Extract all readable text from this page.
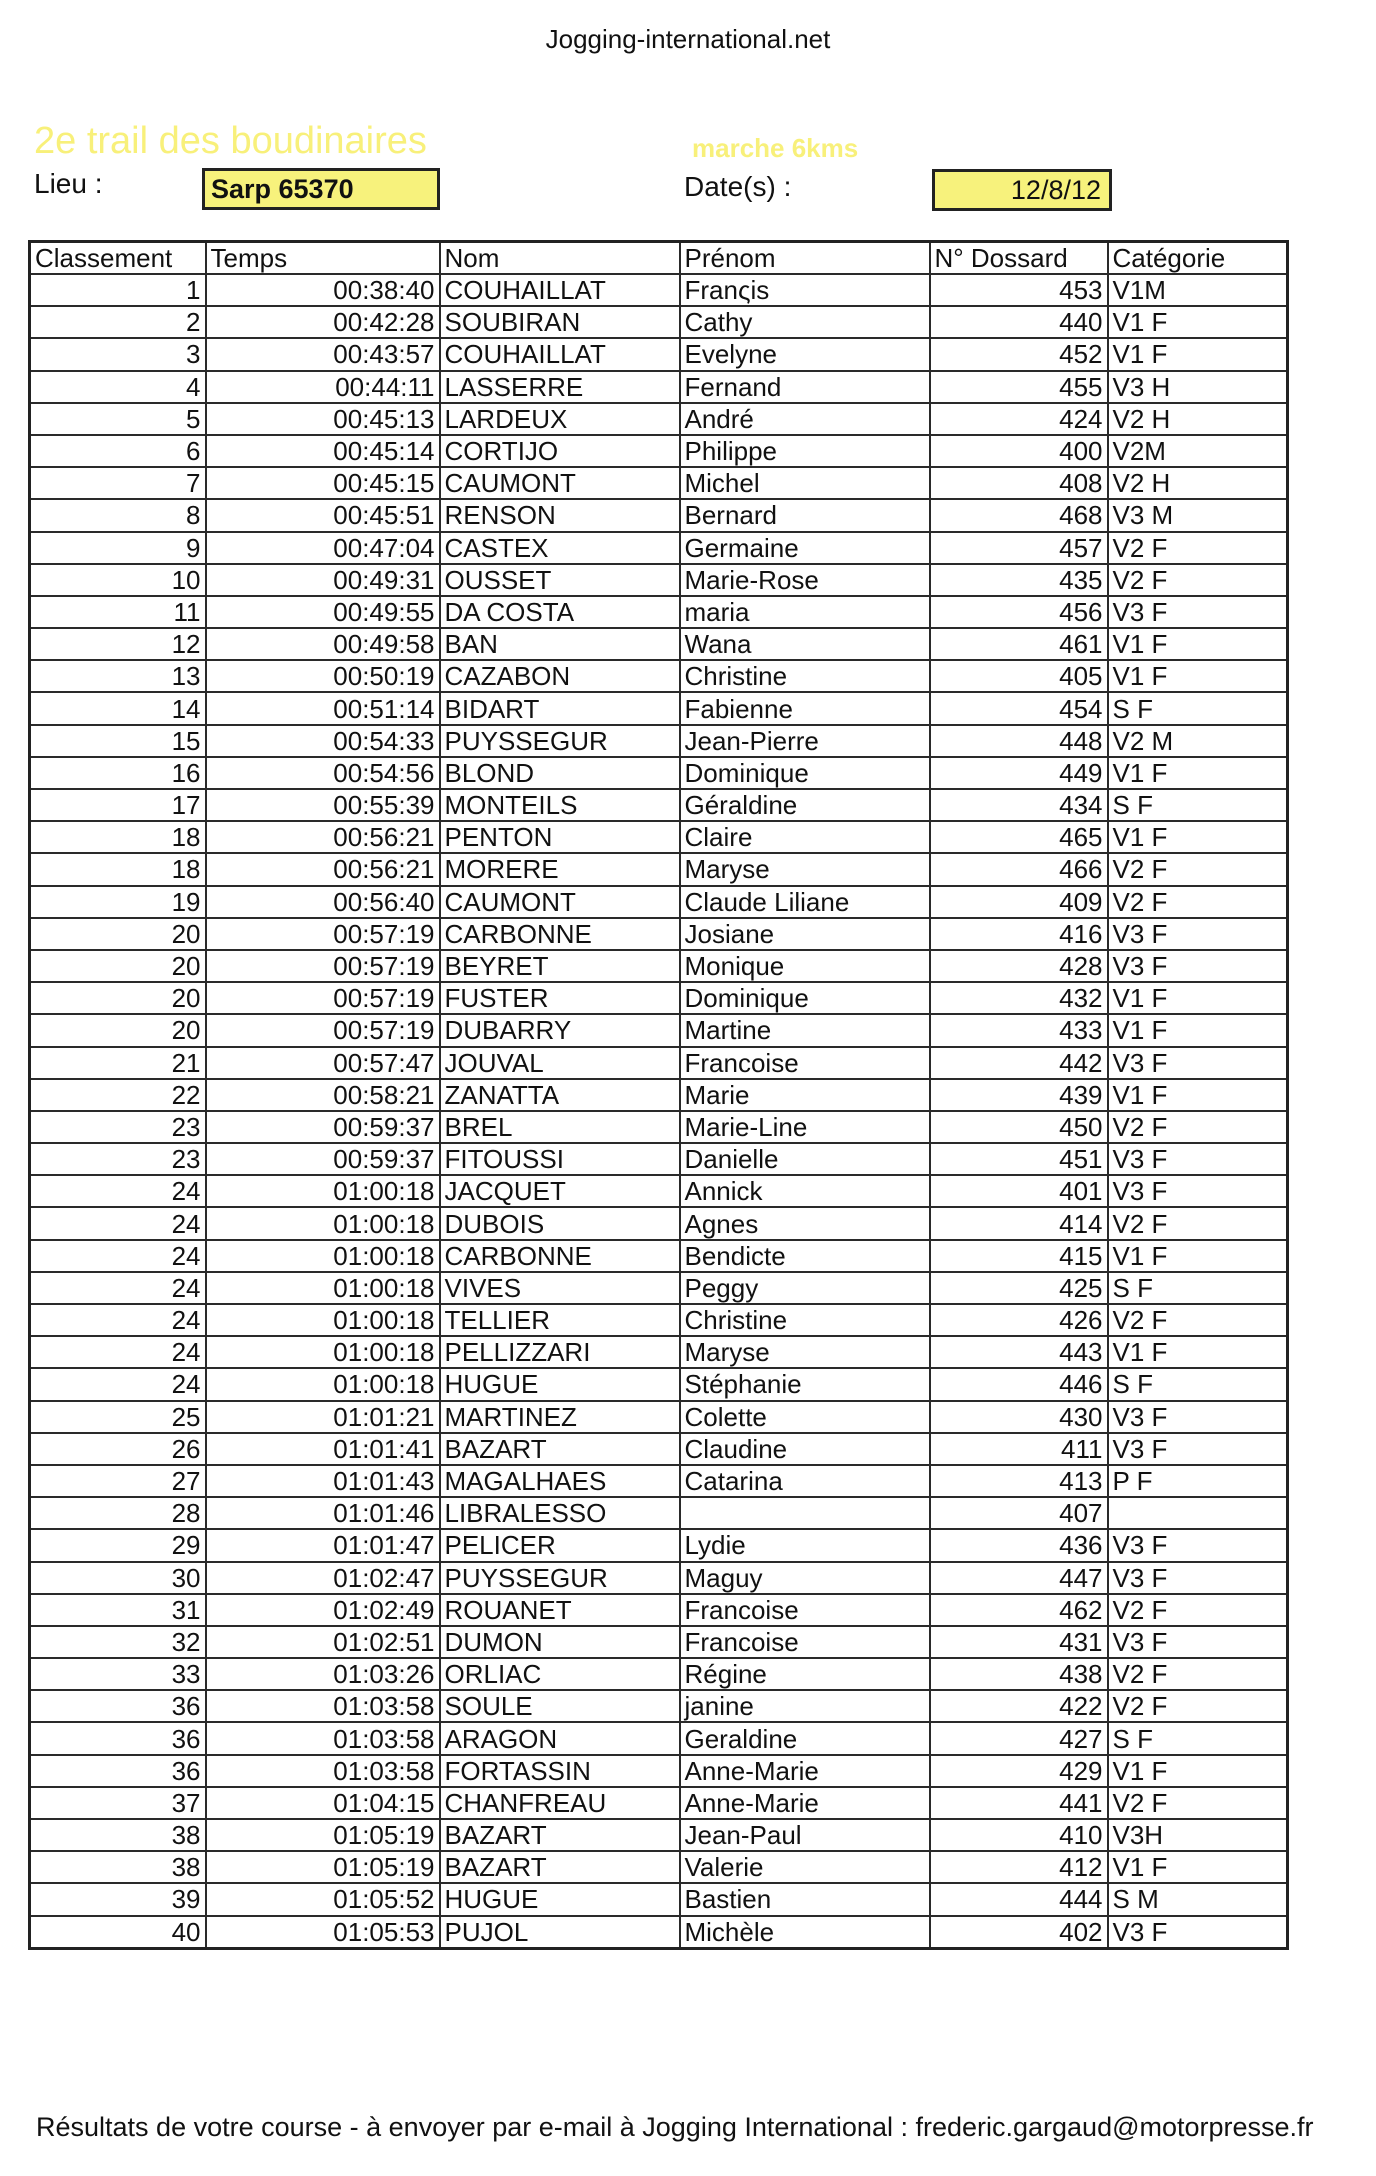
Jogging-international.net
2e trail des boudinaires	marche 6kms
Lieu :	Sarp 65370	Date(s) :	12/8/12
Classement	Temps	Nom	Prénom	N° Dossard	Catégorie
1	00:38:40	COUHAILLAT	Franςis	453	V1M
2	00:42:28	SOUBIRAN	Cathy	440	V1 F
3	00:43:57	COUHAILLAT	Evelyne	452	V1 F
4	00:44:11	LASSERRE	Fernand	455	V3 H
5	00:45:13	LARDEUX	André	424	V2 H
6	00:45:14	CORTIJO	Philippe	400	V2M
7	00:45:15	CAUMONT	Michel	408	V2 H
8	00:45:51	RENSON	Bernard	468	V3 M
9	00:47:04	CASTEX	Germaine	457	V2 F
10	00:49:31	OUSSET	Marie-Rose	435	V2 F
11	00:49:55	DA COSTA	maria	456	V3 F
12	00:49:58	BAN	Wana	461	V1 F
13	00:50:19	CAZABON	Christine	405	V1 F
14	00:51:14	BIDART	Fabienne	454	S F
15	00:54:33	PUYSSEGUR	Jean-Pierre	448	V2 M
16	00:54:56	BLOND	Dominique	449	V1 F
17	00:55:39	MONTEILS	Géraldine	434	S F
18	00:56:21	PENTON	Claire	465	V1 F
18	00:56:21	MORERE	Maryse	466	V2 F
19	00:56:40	CAUMONT	Claude Liliane	409	V2 F
20	00:57:19	CARBONNE	Josiane	416	V3 F
20	00:57:19	BEYRET	Monique	428	V3 F
20	00:57:19	FUSTER	Dominique	432	V1 F
20	00:57:19	DUBARRY	Martine	433	V1 F
21	00:57:47	JOUVAL	Francoise	442	V3 F
22	00:58:21	ZANATTA	Marie	439	V1 F
23	00:59:37	BREL	Marie-Line	450	V2 F
23	00:59:37	FITOUSSI	Danielle	451	V3 F
24	01:00:18	JACQUET	Annick	401	V3 F
24	01:00:18	DUBOIS	Agnes	414	V2 F
24	01:00:18	CARBONNE	Bendicte	415	V1 F
24	01:00:18	VIVES	Peggy	425	S F
24	01:00:18	TELLIER	Christine	426	V2 F
24	01:00:18	PELLIZZARI	Maryse	443	V1 F
24	01:00:18	HUGUE	Stéphanie	446	S F
25	01:01:21	MARTINEZ	Colette	430	V3 F
26	01:01:41	BAZART	Claudine	411	V3 F
27	01:01:43	MAGALHAES	Catarina	413	P F
28	01:01:46	LIBRALESSO		407	
29	01:01:47	PELICER	Lydie	436	V3 F
30	01:02:47	PUYSSEGUR	Maguy	447	V3 F
31	01:02:49	ROUANET	Francoise	462	V2 F
32	01:02:51	DUMON	Francoise	431	V3 F
33	01:03:26	ORLIAC	Régine	438	V2 F
36	01:03:58	SOULE	janine	422	V2 F
36	01:03:58	ARAGON	Geraldine	427	S F
36	01:03:58	FORTASSIN	Anne-Marie	429	V1 F
37	01:04:15	CHANFREAU	Anne-Marie	441	V2 F
38	01:05:19	BAZART	Jean-Paul	410	V3H
38	01:05:19	BAZART	Valerie	412	V1 F
39	01:05:52	HUGUE	Bastien	444	S M
40	01:05:53	PUJOL	Michèle	402	V3 F
Résultats de votre course - à envoyer par e-mail à Jogging International : frederic.gargaud@motorpresse.fr
